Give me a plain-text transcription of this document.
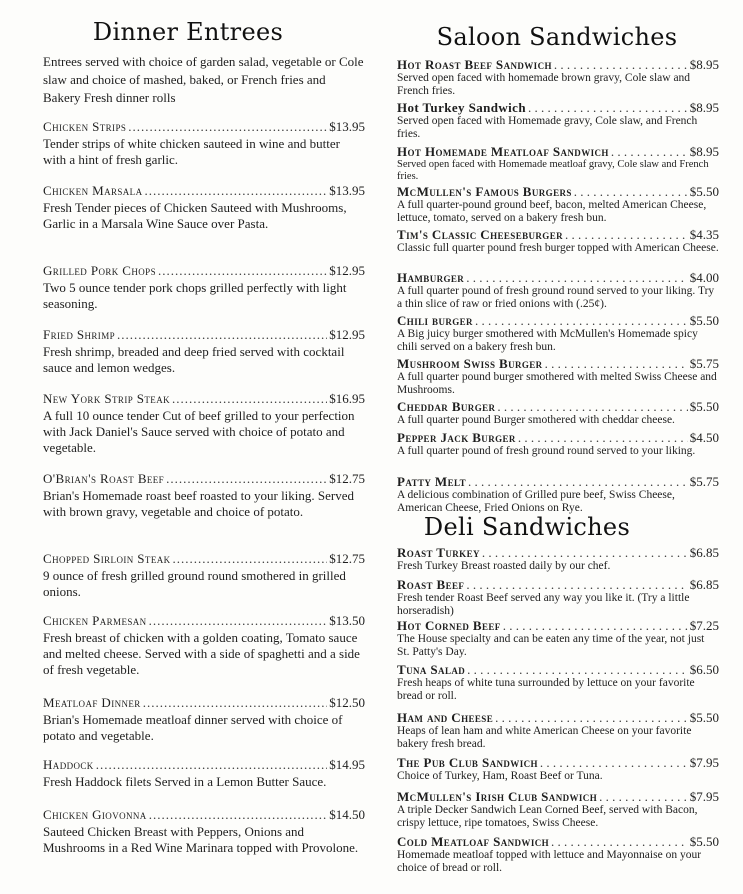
Dinner Entrees
Entrees served with choice of garden salad, vegetable or Cole slaw and choice of mashed, baked, or French fries and Bakery Fresh dinner rolls
Chicken Strips .....	$13.95
Tender strips of white chicken sauteed in wine and butter with a hint of fresh garlic.
Chicken Marsala .....	$13.95
Fresh Tender pieces of Chicken Sauteed with Mushrooms, Garlic in a Marsala Wine Sauce over Pasta.
Grilled Pork Chops .....	$12.95
Two 5 ounce tender pork chops grilled perfectly with light seasoning.
Fried Shrimp .....	$12.95
Fresh shrimp, breaded and deep fried served with cocktail sauce and lemon wedges.
New York Strip Steak .....	$16.95
A full 10 ounce tender Cut of beef grilled to your perfection with Jack Daniel's Sauce served with choice of potato and vegetable.
O'Brian's Roast Beef .....	$12.75
Brian's Homemade roast beef roasted to your liking. Served with brown gravy, vegetable and choice of potato.
Chopped Sirloin Steak .....	$12.75
9 ounce of fresh grilled ground round smothered in grilled onions.
Chicken Parmesan .....	$13.50
Fresh breast of chicken with a golden coating, Tomato sauce and melted cheese. Served with a side of spaghetti and a side of fresh vegetable.
Meatloaf Dinner .....	$12.50
Brian's Homemade meatloaf dinner served with choice of potato and vegetable.
Haddock .....	$14.95
Fresh Haddock filets Served in a Lemon Butter Sauce.
Chicken Giovonna .....	$14.50
Sauteed Chicken Breast with Peppers, Onions and Mushrooms in a Red Wine Marinara topped with Provolone.
Saloon Sandwiches
Hot Roast Beef Sandwich . . .	$8.95
Served open faced with homemade brown gravy, Cole slaw and French fries.
Hot Turkey Sandwich . . .	$8.95
Served open faced with Homemade gravy, Cole slaw, and French fries.
Hot Homemade Meatloaf Sandwich . . .	$8.95
Served open faced with Homemade meatloaf gravy, Cole slaw and French fries.
McMullen's Famous Burgers . . .	$5.50
A full quarter-pound ground beef, bacon, melted American Cheese, lettuce, tomato, served on a bakery fresh bun.
Tim's Classic Cheeseburger . . .	$4.35
Classic full quarter pound fresh burger topped with American Cheese.
Hamburger . . .	$4.00
A full quarter pound of fresh ground round served to your liking. Try a thin slice of raw or fried onions with (.25¢).
Chili burger . . .	$5.50
A Big juicy burger smothered with McMullen's Homemade spicy chili served on a bakery fresh bun.
Mushroom Swiss Burger . . .	$5.75
A full quarter pound burger smothered with melted Swiss Cheese and Mushrooms.
Cheddar Burger . . .	$5.50
A full quarter pound Burger smothered with cheddar cheese.
Pepper Jack Burger . . .	$4.50
A full quarter pound of fresh ground round served to your liking.
Patty Melt . . .	$5.75
A delicious combination of Grilled pure beef, Swiss Cheese, American Cheese, Fried Onions on Rye.
Deli Sandwiches
Roast Turkey . . .	$6.85
Fresh Turkey Breast roasted daily by our chef.
Roast Beef . . .	$6.85
Fresh tender Roast Beef served any way you like it. (Try a little horseradish)
Hot Corned Beef . . .	$7.25
The House specialty and can be eaten any time of the year, not just St. Patty's Day.
Tuna Salad . . .	$6.50
Fresh heaps of white tuna surrounded by lettuce on your favorite bread or roll.
Ham and Cheese . . .	$5.50
Heaps of lean ham and white American Cheese on your favorite bakery fresh bread.
The Pub Club Sandwich . . .	$7.95
Choice of Turkey, Ham, Roast Beef or Tuna.
McMullen's Irish Club Sandwich . . .	$7.95
A triple Decker Sandwich Lean Corned Beef, served with Bacon, crispy lettuce, ripe tomatoes, Swiss Cheese.
Cold Meatloaf Sandwich . . .	$5.50
Homemade meatloaf topped with lettuce and Mayonnaise on your choice of bread or roll.
